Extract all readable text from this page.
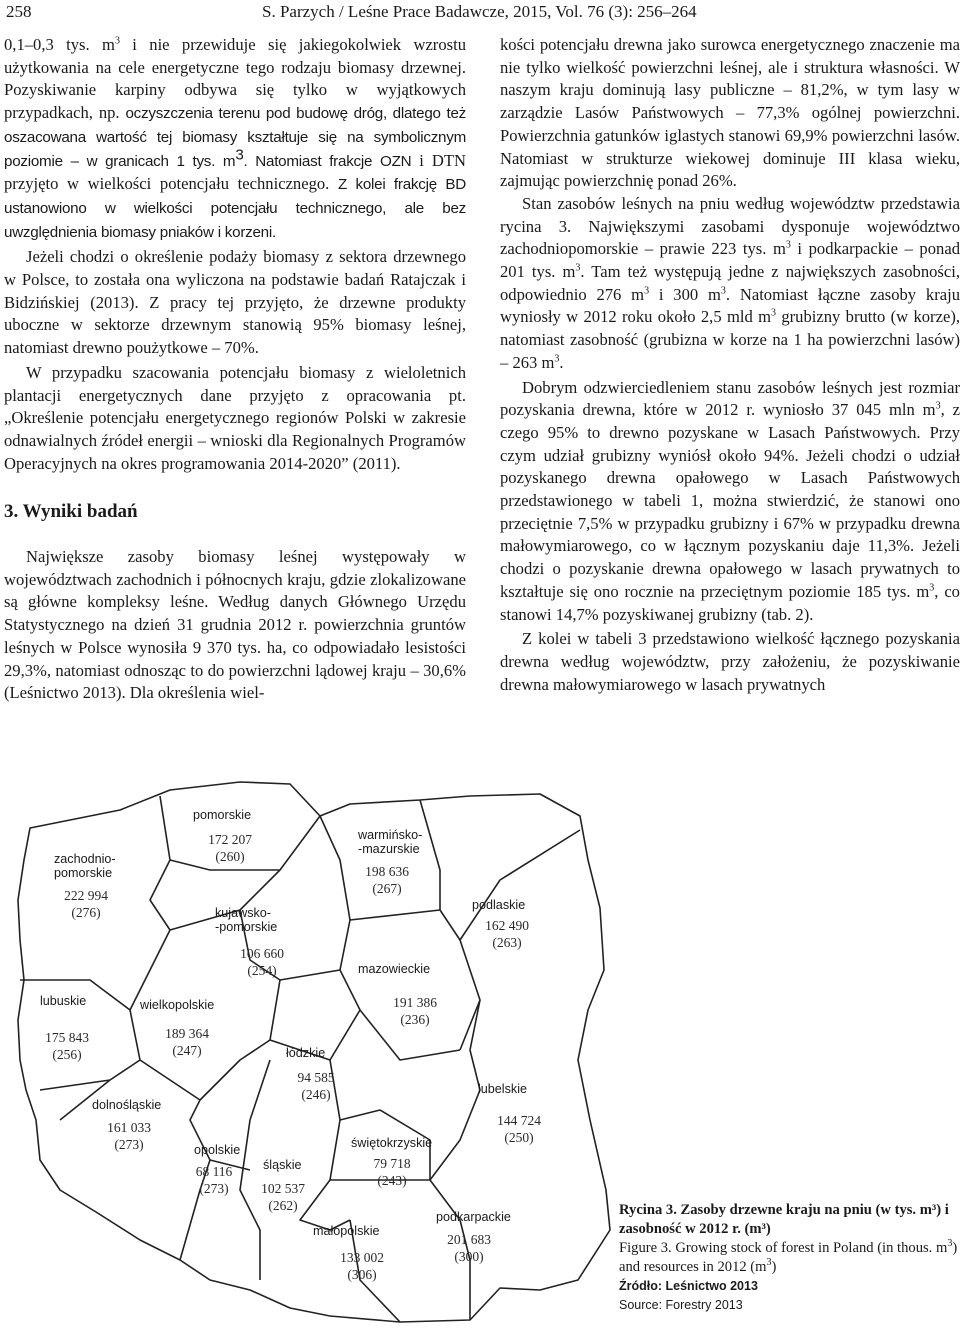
258	S. Parzych / Leśne Prace Badawcze, 2015, Vol. 76 (3): 256–264

0,1–0,3 tys. $m^3$ i nie przewiduje się jakiegokolwiek wzrostu użytkowania na cele energetyczne tego rodzaju biomasy drzewnej. Pozyskiwanie karpiny odbywa się tylko w wyjątkowych przypadkach, np. oczyszczenia terenu pod budowę dróg, dlatego też oszacowana wartość tej biomasy kształtuje się na symbolicznym poziomie – w granicach 1 tys. $m^3$. Natomiast frakcje OZN i DTN przyjęto w wielkości potencjału technicznego. Z kolei frakcję BD ustanowiono w wielkości potencjału technicznego, ale bez uwzględnienia biomasy pniaków i korzeni.

Jeżeli chodzi o określenie podaży biomasy z sektora drzewnego w Polsce, to została ona wyliczona na podstawie badań Ratajczak i Bidzińskiej (2013). Z pracy tej przyjęto, że drzewne produkty uboczne w sektorze drzewnym stanowią 95% biomasy leśnej, natomiast drewno poużytkowe – 70%.

W przypadku szacowania potencjału biomasy z wieloletnich plantacji energetycznych dane przyjęto z opracowania pt. „Określenie potencjału energetycznego regionów Polski w zakresie odnawialnych źródeł energii – wnioski dla Regionalnych Programów Operacyjnych na okres programowania 2014-2020” (2011).

3. Wyniki badań

Największe zasoby biomasy leśnej występowały w województwach zachodnich i północnych kraju, gdzie zlokalizowane są główne kompleksy leśne. Według danych Głównego Urzędu Statystycznego na dzień 31 grudnia 2012 r. powierzchnia gruntów leśnych w Polsce wynosiła 9 370 tys. ha, co odpowiadało lesistości 29,3%, natomiast odnosząc to do powierzchni lądowej kraju – 30,6% (Leśnictwo 2013). Dla określenia wiel-

kości potencjału drewna jako surowca energetycznego znaczenie ma nie tylko wielkość powierzchni leśnej, ale i struktura własności. W naszym kraju dominują lasy publiczne – 81,2%, w tym lasy w zarządzie Lasów Państwowych – 77,3% ogólnej powierzchni. Powierzchnia gatunków iglastych stanowi 69,9% powierzchni lasów. Natomiast w strukturze wiekowej dominuje III klasa wieku, zajmując powierzchnię ponad 26%.

Stan zasobów leśnych na pniu według województw przedstawia rycina 3. Największymi zasobami dysponuje województwo zachodniopomorskie – prawie 223 tys. $m^3$ i podkarpackie – ponad 201 tys. $m^3$. Tam też występują jedne z największych zasobności, odpowiednio 276 $m^3$ i 300 $m^3$. Natomiast łączne zasoby kraju wyniosły w 2012 roku około 2,5 mld $m^3$ grubizny brutto (w korze), natomiast zasobność (grubizna w korze na 1 ha powierzchni lasów) – 263 $m^3$.

Dobrym odzwierciedleniem stanu zasobów leśnych jest rozmiar pozyskania drewna, które w 2012 r. wyniosło 37 045 mln $m^3$, z czego 95% to drewno pozyskane w Lasach Państwowych. Przy czym udział grubizny wyniósł około 94%. Jeżeli chodzi o udział pozyskanego drewna opałowego w Lasach Państwowych przedstawionego w tabeli 1, można stwierdzić, że stanowi ono przeciętnie 7,5% w przypadku grubizny i 67% w przypadku drewna małowymiarowego, co w łącznym pozyskaniu daje 11,3%. Jeżeli chodzi o pozyskanie drewna opałowego w lasach prywatnych to kształtuje się ono rocznie na przeciętnym poziomie 185 tys. $m^3$, co stanowi 14,7% pozyskiwanej grubizny (tab. 2).

Z kolei w tabeli 3 przedstawiono wielkość łącznego pozyskania drewna według województw, przy założeniu, że pozyskiwanie drewna małowymiarowego w lasach prywatnych

pomorskie
172 207
(260)
zachodnio-
pomorskie
222 994
(276)
warmińsko-
-mazurskie
198 636
(267)
kujawsko-
-pomorskie
106 660
(254)
podlaskie
162 490
(263)
mazowieckie
191 386
(236)
lubuskie
175 843
(256)
wielkopolskie
189 364
(247)	łódzkie
94 585
(246)
dolnośląskie
161 033
(273)
lubelskie
144 724
(250)
opolskie
68 116
(273)
śląskie
102 537
(262)
świętokrzyskie
79 718
(243)
małopolskie
133 002
(306)
podkarpackie
201 683
(300)
Rycina 3. Zasoby drzewne kraju na pniu (w tys. m³) i zasobność w 2012 r. (m³)
Figure 3. Growing stock of forest in Poland (in thous. $m^3$) and resources in 2012 $(m^3)$
Źródło: Leśnictwo 2013
Source: Forestry 2013
